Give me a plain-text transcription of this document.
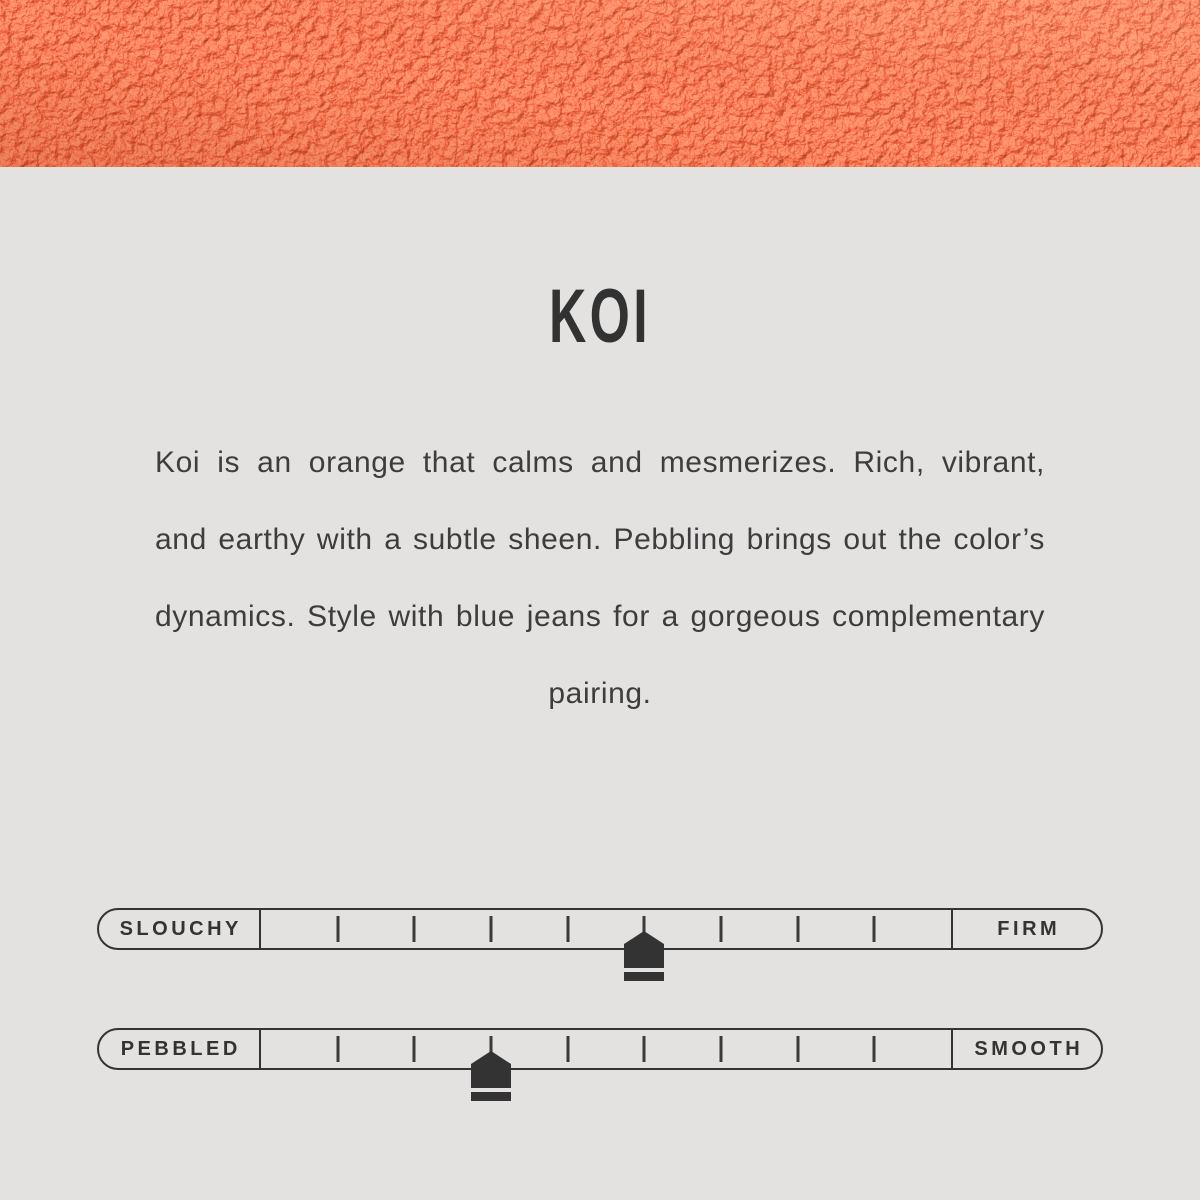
KOI

Koi is an orange that calms and mesmerizes. Rich, vibrant, and earthy with a subtle sheen. Pebbling brings out the color’s dynamics. Style with blue jeans for a gorgeous complementary pairing.

SLOUCHY	FIRM
PEBBLED	SMOOTH
